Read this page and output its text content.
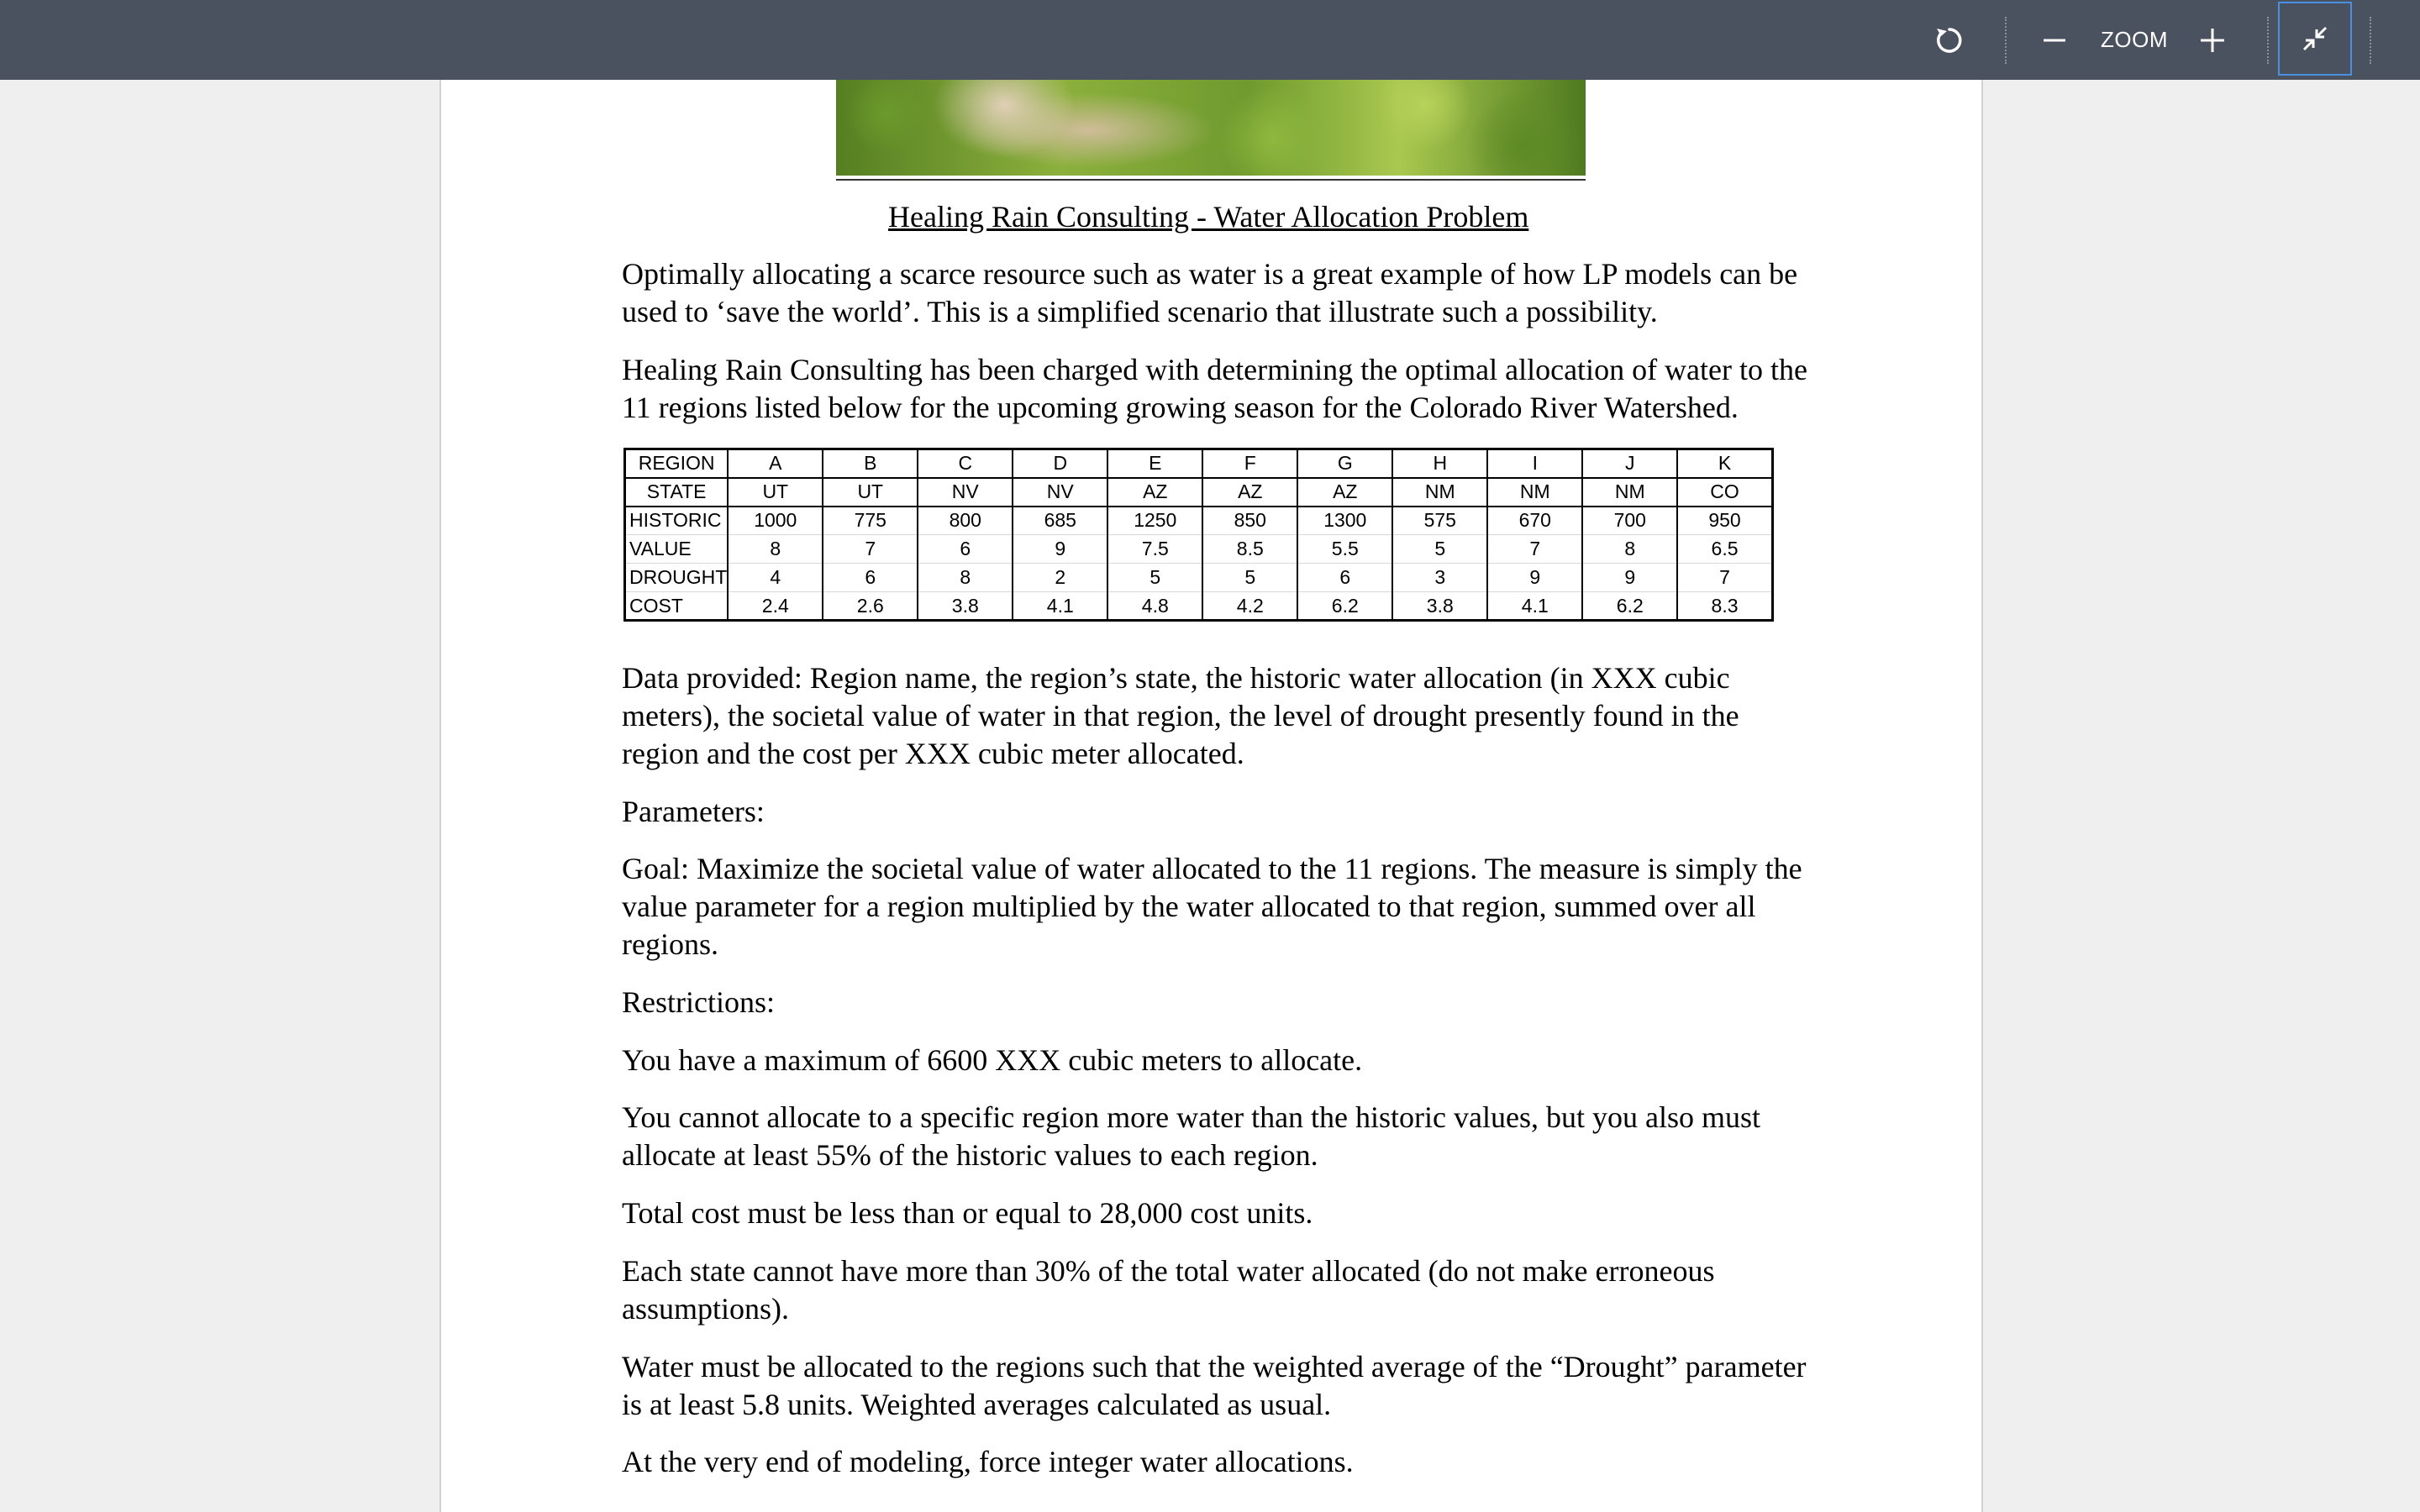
ZOOM
Healing Rain Consulting - Water Allocation Problem

Optimally allocating a scarce resource such as water is a great example of how LP models can be used to ‘save the world’. This is a simplified scenario that illustrate such a possibility.

Healing Rain Consulting has been charged with determining the optimal allocation of water to the 11 regions listed below for the upcoming growing season for the Colorado River Watershed.

REGION	A	B	C	D	E	F	G	H	I	J	K
STATE	UT	UT	NV	NV	AZ	AZ	AZ	NM	NM	NM	CO
HISTORIC	1000	775	800	685	1250	850	1300	575	670	700	950
VALUE	8	7	6	9	7.5	8.5	5.5	5	7	8	6.5
DROUGHT	4	6	8	2	5	5	6	3	9	9	7
COST	2.4	2.6	3.8	4.1	4.8	4.2	6.2	3.8	4.1	6.2	8.3

Data provided: Region name, the region’s state, the historic water allocation (in XXX cubic meters), the societal value of water in that region, the level of drought presently found in the region and the cost per XXX cubic meter allocated.

Parameters:

Goal: Maximize the societal value of water allocated to the 11 regions. The measure is simply the value parameter for a region multiplied by the water allocated to that region, summed over all regions.

Restrictions:

You have a maximum of 6600 XXX cubic meters to allocate.

You cannot allocate to a specific region more water than the historic values, but you also must allocate at least 55% of the historic values to each region.

Total cost must be less than or equal to 28,000 cost units.

Each state cannot have more than 30% of the total water allocated (do not make erroneous assumptions).

Water must be allocated to the regions such that the weighted average of the “Drought” parameter is at least 5.8 units. Weighted averages calculated as usual.

At the very end of modeling, force integer water allocations.
